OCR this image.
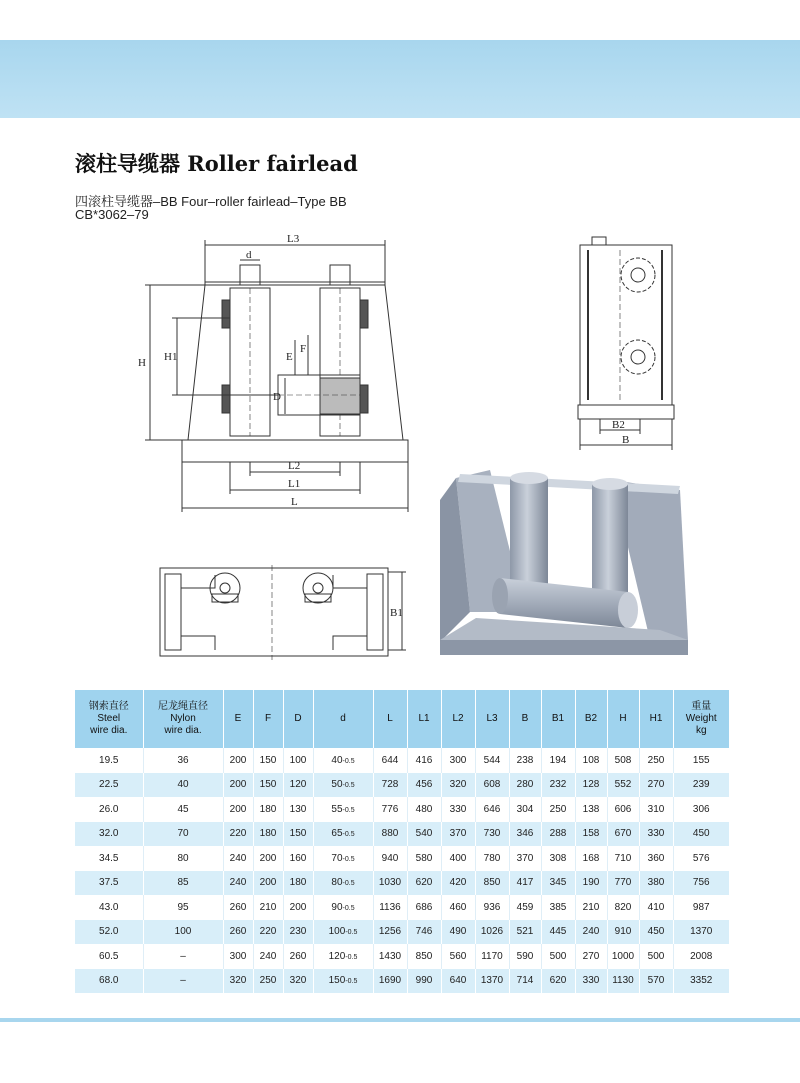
滚柱导缆器 Roller fairlead
四滚柱导缆器–BB Four–roller fairlead–Type BB
CB*3062–79
L3
d
H H1	E
F
D
L2
L1
L
B2
B
B1
钢索直径
Steel
wire dia.	尼龙绳直径
Nylon
wire dia.	E	F	D	d	L	L1	L2	L3	B	B1	B2	H	H1	重量
Weight
kg
19.5	36	200	150	100	40-0.5	644	416	300	544	238	194	108	508	250	155
22.5	40	200	150	120	50-0.5	728	456	320	608	280	232	128	552	270	239
26.0	45	200	180	130	55-0.5	776	480	330	646	304	250	138	606	310	306
32.0	70	220	180	150	65-0.5	880	540	370	730	346	288	158	670	330	450
34.5	80	240	200	160	70-0.5	940	580	400	780	370	308	168	710	360	576
37.5	85	240	200	180	80-0.5	1030	620	420	850	417	345	190	770	380	756
43.0	95	260	210	200	90-0.5	1136	686	460	936	459	385	210	820	410	987
52.0	100	260	220	230	100-0.5	1256	746	490	1026	521	445	240	910	450	1370
60.5	–	300	240	260	120-0.5	1430	850	560	1170	590	500	270	1000	500	2008
68.0	–	320	250	320	150-0.5	1690	990	640	1370	714	620	330	1130	570	3352
